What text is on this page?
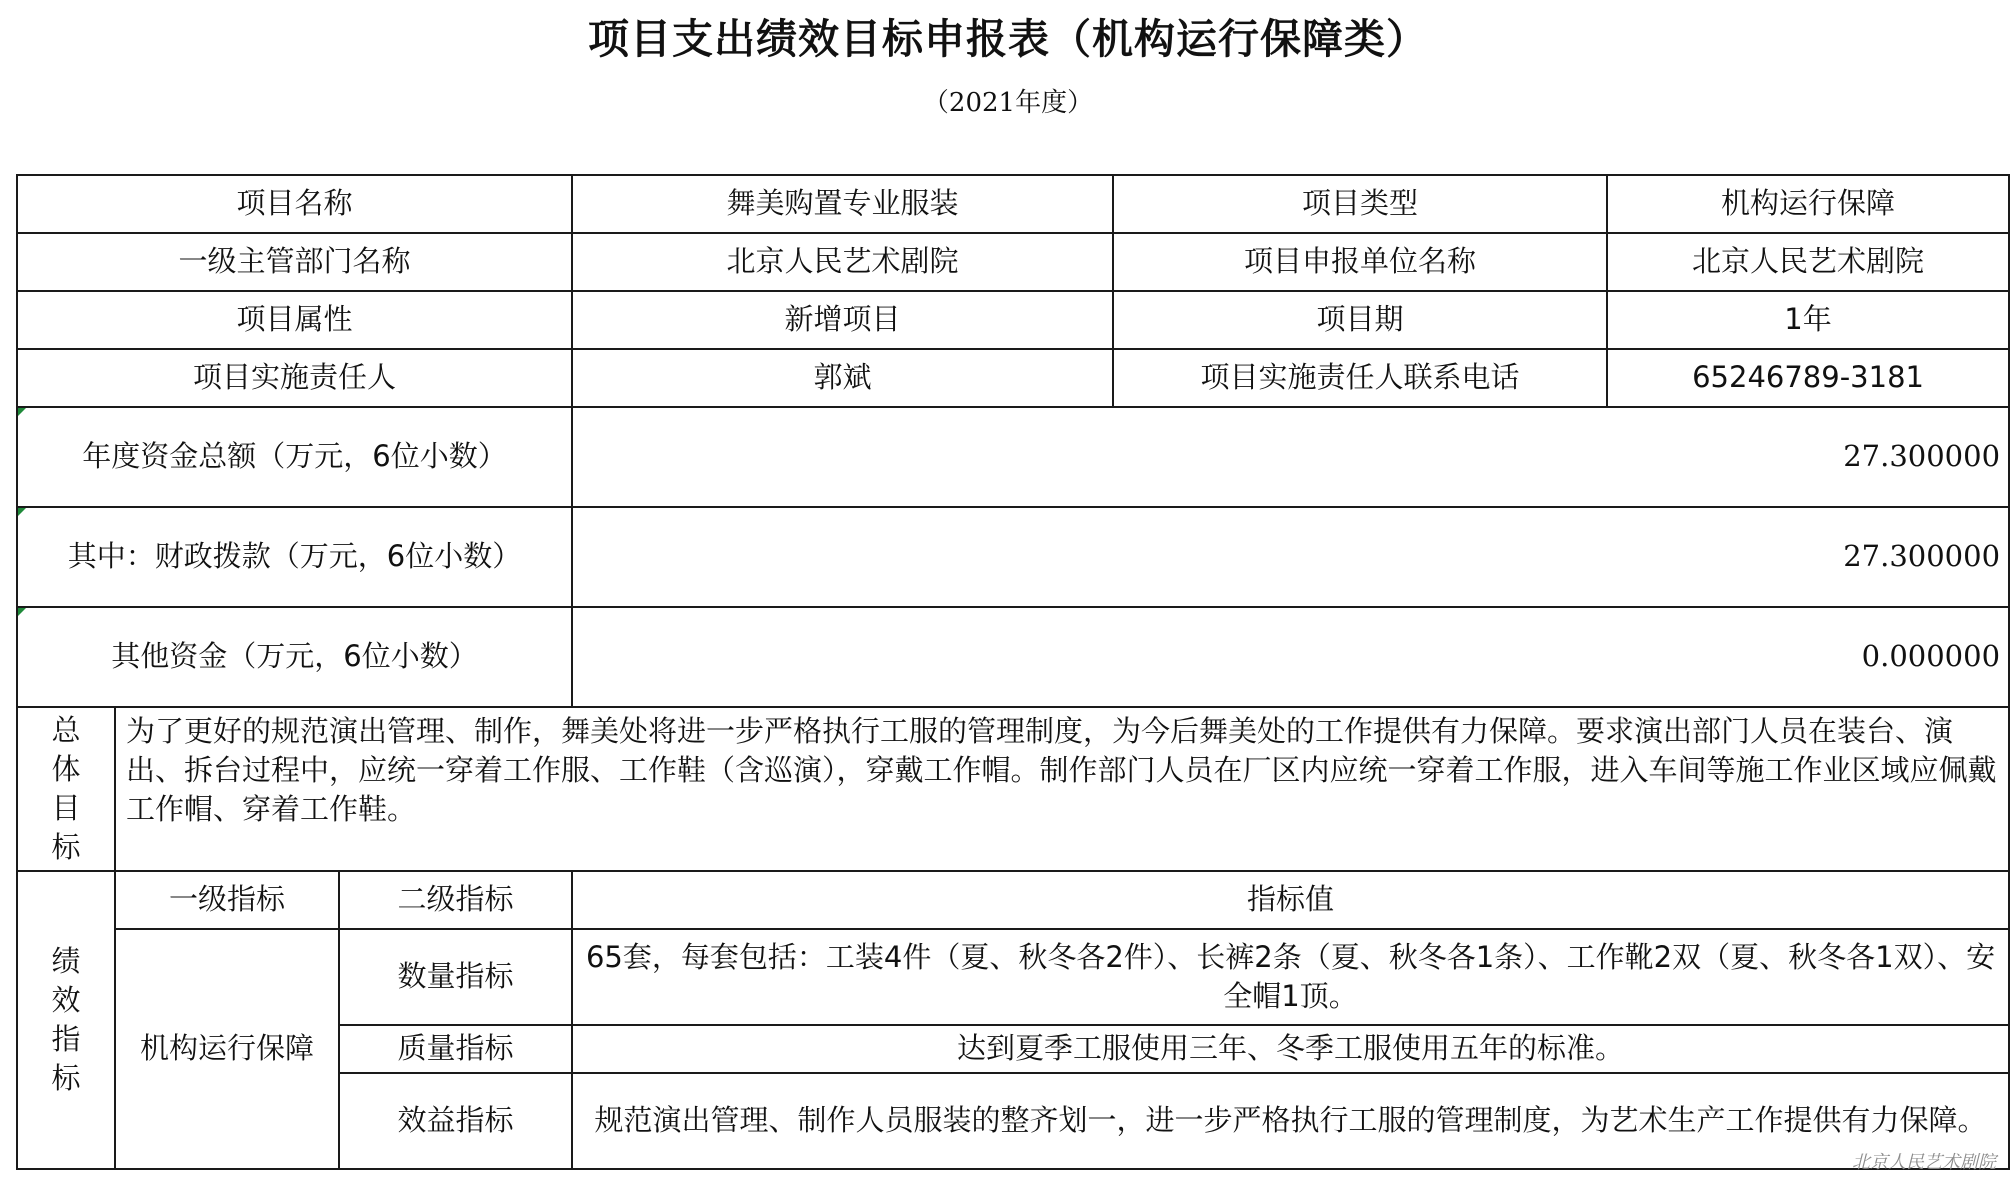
项目支出绩效目标申报表（机构运行保障类）
（2021年度）
项目名称			舞美购置专业服装	项目类型	机构运行保障
一级主管部门名称			北京人民艺术剧院	项目申报单位名称	北京人民艺术剧院
项目属性			新增项目	项目期	1年
项目实施责任人			郭斌	项目实施责任人联系电话	65246789-3181
年度资金总额（万元，6位小数）			27.300000		
其中：财政拨款（万元，6位小数）			27.300000		
其他资金（万元，6位小数）			0.000000		

总
体
目
标	为了更好的规范演出管理、制作，舞美处将进一步严格执行工服的管理制度，为今后舞美处的工作提供有力保障。要求演出部门人员在装台、演出、拆台过程中，应统一穿着工作服、工作鞋（含巡演），穿戴工作帽。制作部门人员在厂区内应统一穿着工作服，进入车间等施工作业区域应佩戴工作帽、穿着工作鞋。				

绩
效
指
标	一级指标	二级指标	指标值		
	机构运行保障	数量指标	65套，每套包括：工装4件（夏、秋冬各2件）、长裤2条（夏、秋冬各1条）、工作靴2双（夏、秋冬各1双）、安全帽1顶。		
		质量指标	达到夏季工服使用三年、冬季工服使用五年的标准。		
		效益指标	规范演出管理、制作人员服装的整齐划一，进一步严格执行工服的管理制度，为艺术生产工作提供有力保障。		
北京人民艺术剧院
